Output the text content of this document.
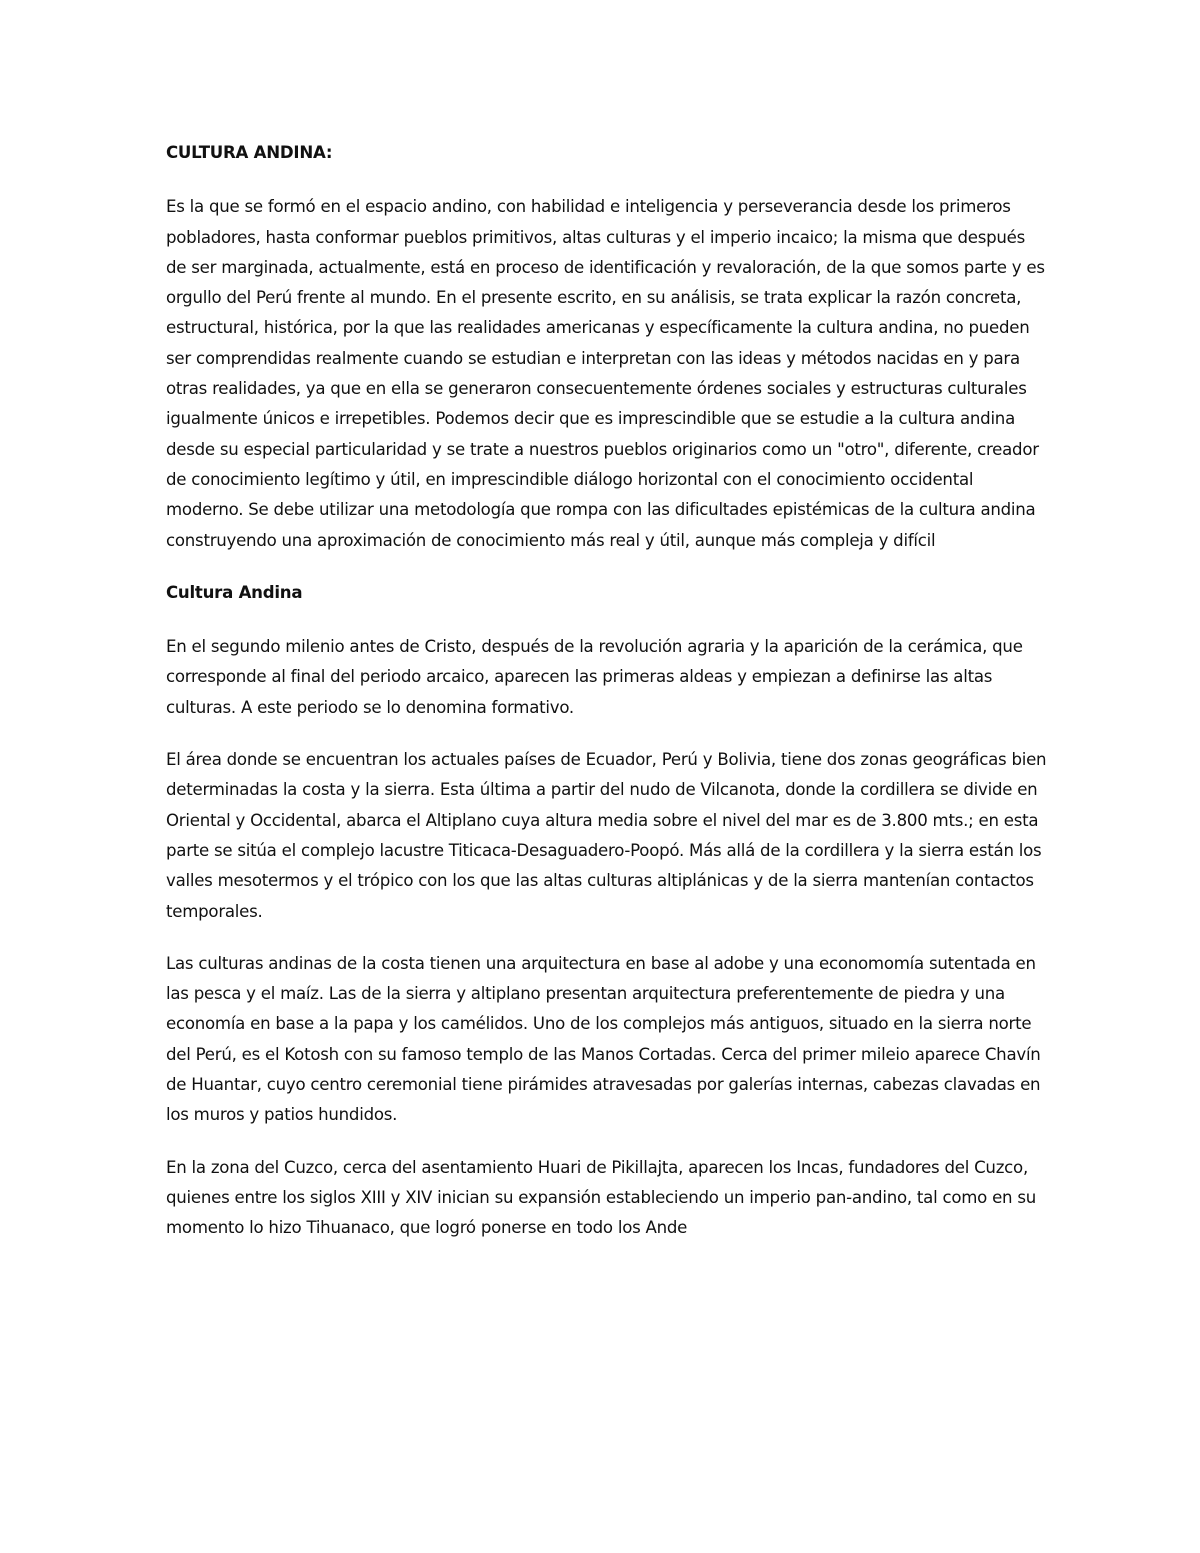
CULTURA ANDINA:

Es la que se formó en el espacio andino, con habilidad e inteligencia y perseverancia desde los primeros pobladores, hasta conformar pueblos primitivos, altas culturas y el imperio incaico; la misma que después de ser marginada, actualmente, está en proceso de identificación y revaloración, de la que somos parte y es orgullo del Perú frente al mundo. En el presente escrito, en su análisis, se trata explicar la razón concreta, estructural, histórica, por la que las realidades americanas y específicamente la cultura andina, no pueden ser comprendidas realmente cuando se estudian e interpretan con las ideas y métodos nacidas en y para otras realidades, ya que en ella se generaron consecuentemente órdenes sociales y estructuras culturales igualmente únicos e irrepetibles. Podemos decir que es imprescindible que se estudie a la cultura andina desde su especial particularidad y se trate a nuestros pueblos originarios como un "otro", diferente, creador de conocimiento legítimo y útil, en imprescindible diálogo horizontal con el conocimiento occidental moderno. Se debe utilizar una metodología que rompa con las dificultades epistémicas de la cultura andina construyendo una aproximación de conocimiento más real y útil, aunque más compleja y difícil

Cultura Andina

En el segundo milenio antes de Cristo, después de la revolución agraria y la aparición de la cerámica, que corresponde al final del periodo arcaico, aparecen las primeras aldeas y empiezan a definirse las altas culturas. A este periodo se lo denomina formativo.

El área donde se encuentran los actuales países de Ecuador, Perú y Bolivia, tiene dos zonas geográficas bien determinadas la costa y la sierra. Esta última a partir del nudo de Vilcanota, donde la cordillera se divide en Oriental y Occidental, abarca el Altiplano cuya altura media sobre el nivel del mar es de 3.800 mts.; en esta parte se sitúa el complejo lacustre Titicaca-Desaguadero-Poopó. Más allá de la cordillera y la sierra están los valles mesotermos y el trópico con los que las altas culturas altiplánicas y de la sierra mantenían contactos temporales.

Las culturas andinas de la costa tienen una arquitectura en base al adobe y una economomía sutentada en las pesca y el maíz. Las de la sierra y altiplano presentan arquitectura preferentemente de piedra y una economía en base a la papa y los camélidos. Uno de los complejos más antiguos, situado en la sierra norte del Perú, es el Kotosh con su famoso templo de las Manos Cortadas. Cerca del primer mileio aparece Chavín de Huantar, cuyo centro ceremonial tiene pirámides atravesadas por galerías internas, cabezas clavadas en los muros y patios hundidos.

En la zona del Cuzco, cerca del asentamiento Huari de Pikillajta, aparecen los Incas, fundadores del Cuzco, quienes entre los siglos XIII y XIV inician su expansión estableciendo un imperio pan-andino, tal como en su momento lo hizo Tihuanaco, que logró ponerse en todo los Ande
